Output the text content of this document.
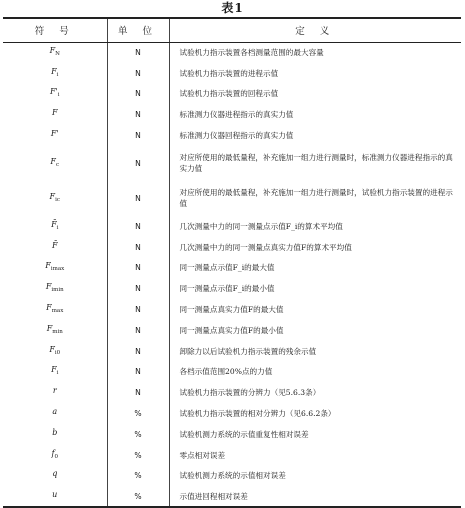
表1
符 号	单 位	定 义
$F_N$	N	试验机力指示装置各档测量范围的最大容量
$F_i$	N	试验机力指示装置的进程示值
$F'_i$	N	试验机力指示装置的回程示值
F	N	标准测力仪器进程指示的真实力值
F'	N	标准测力仪器回程指示的真实力值
$F_c$	N	对应所使用的最低量程，补充施加一组力进行测量时，标准测力仪器进程指示的真实力值
$F_{ic}$	N	对应所使用的最低量程，补充施加一组力进行测量时，试验机力指示装置的进程示值
$F̄_i$	N	几次测量中力的同一测量点示值F_i的算术平均值
F̄	N	几次测量中力的同一测量点真实力值F的算术平均值
$F_{imax}$	N	同一测量点示值F_i的最大值
$F_{imin}$	N	同一测量点示值F_i的最小值
$F_{max}$	N	同一测量点真实力值F的最大值
$F_{min}$	N	同一测量点真实力值F的最小值
$F_{i0}$	N	卸除力以后试验机力指示装置的残余示值
$F_i$	N	各档示值范围20%点的力值
r	N	试验机力指示装置的分辨力（见5.6.3条）
a	%	试验机力指示装置的相对分辨力（见6.6.2条）
b	%	试验机测力系统的示值重复性相对误差
$f_0$	%	零点相对误差
q	%	试验机测力系统的示值相对误差
u	%	示值进回程相对误差
